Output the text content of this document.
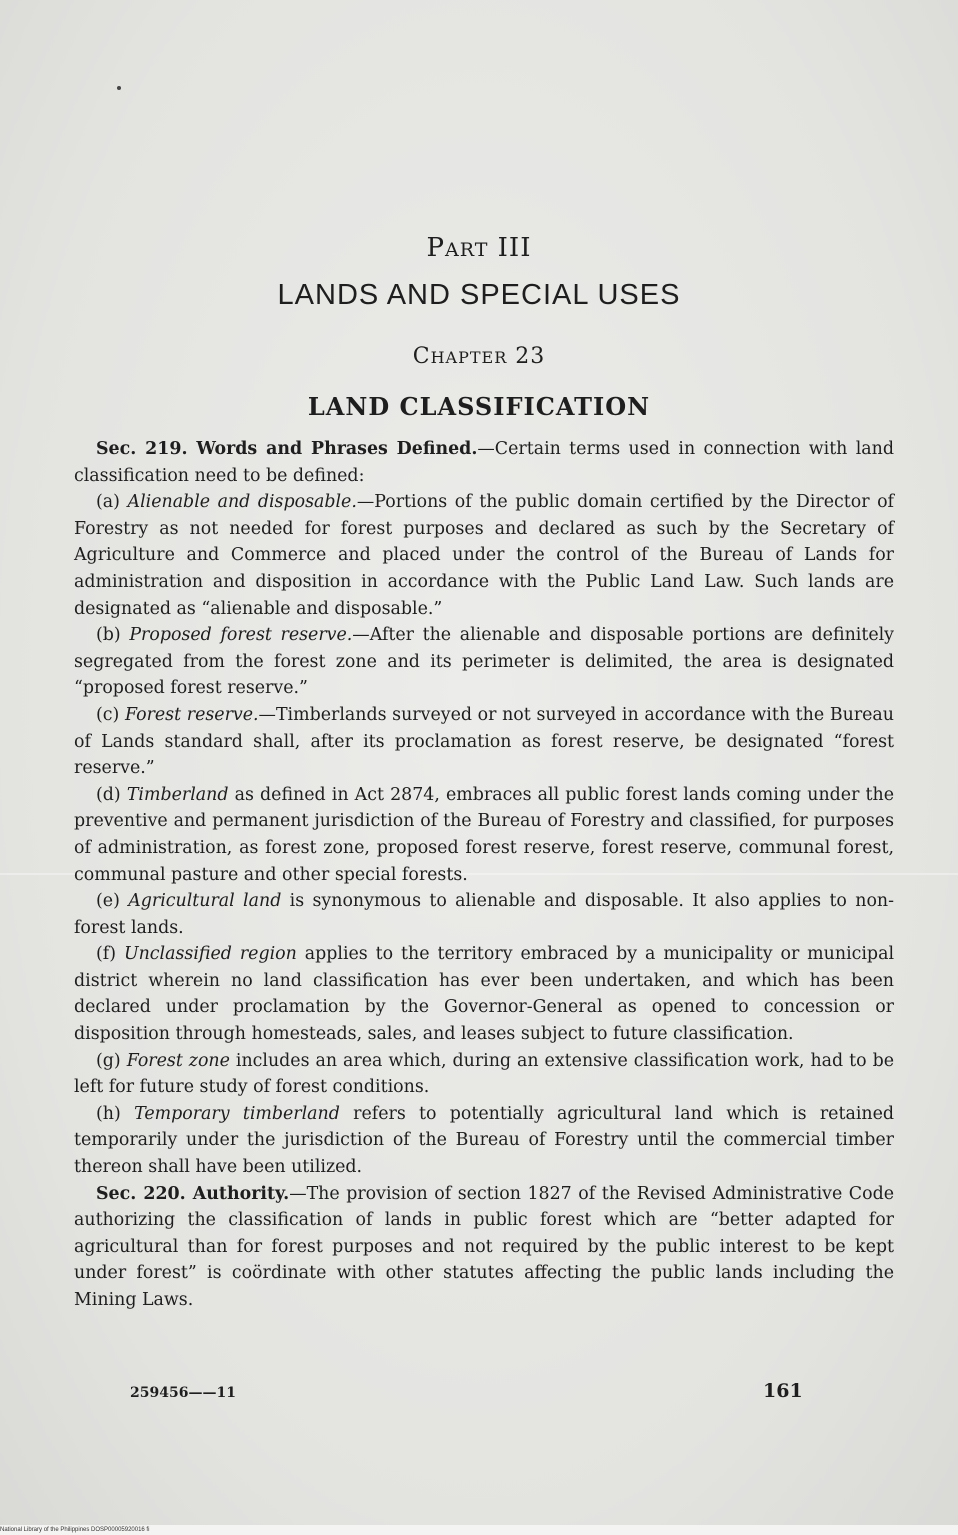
PART III
LANDS AND SPECIAL USES
CHAPTER 23
LAND CLASSIFICATION

Sec. 219. Words and Phrases Defined.—Certain terms used in connection with land classification need to be defined:

(a) Alienable and disposable.—Portions of the public domain certified by the Director of Forestry as not needed for forest purposes and declared as such by the Secretary of Agriculture and Commerce and placed under the control of the Bureau of Lands for administration and disposition in accordance with the Public Land Law. Such lands are designated as “alienable and disposable.”

(b) Proposed forest reserve.—After the alienable and disposable portions are definitely segregated from the forest zone and its perimeter is delimited, the area is designated “proposed forest reserve.”

(c) Forest reserve.—Timberlands surveyed or not surveyed in accordance with the Bureau of Lands standard shall, after its proclamation as forest reserve, be designated “forest reserve.”

(d) Timberland as defined in Act 2874, embraces all public forest lands coming under the preventive and permanent jurisdiction of the Bureau of Forestry and classified, for purposes of administration, as forest zone, proposed forest reserve, forest reserve, communal forest, communal pasture and other special forests.

(e) Agricultural land is synonymous to alienable and disposable. It also applies to non-forest lands.

(f) Unclassified region applies to the territory embraced by a municipality or municipal district wherein no land classification has ever been undertaken, and which has been declared under proclamation by the Governor-General as opened to concession or disposition through homesteads, sales, and leases subject to future classification.

(g) Forest zone includes an area which, during an extensive classification work, had to be left for future study of forest conditions.

(h) Temporary timberland refers to potentially agricultural land which is retained temporarily under the jurisdiction of the Bureau of Forestry until the commercial timber thereon shall have been utilized.

Sec. 220. Authority.—The provision of section 1827 of the Revised Administrative Code authorizing the classification of lands in public forest which are “better adapted for agricultural than for forest purposes and not required by the public interest to be kept under forest” is coördinate with other statutes affecting the public lands including the Mining Laws.

259456——11	161
National Library of the Philippines DOSP00005920016 fi
